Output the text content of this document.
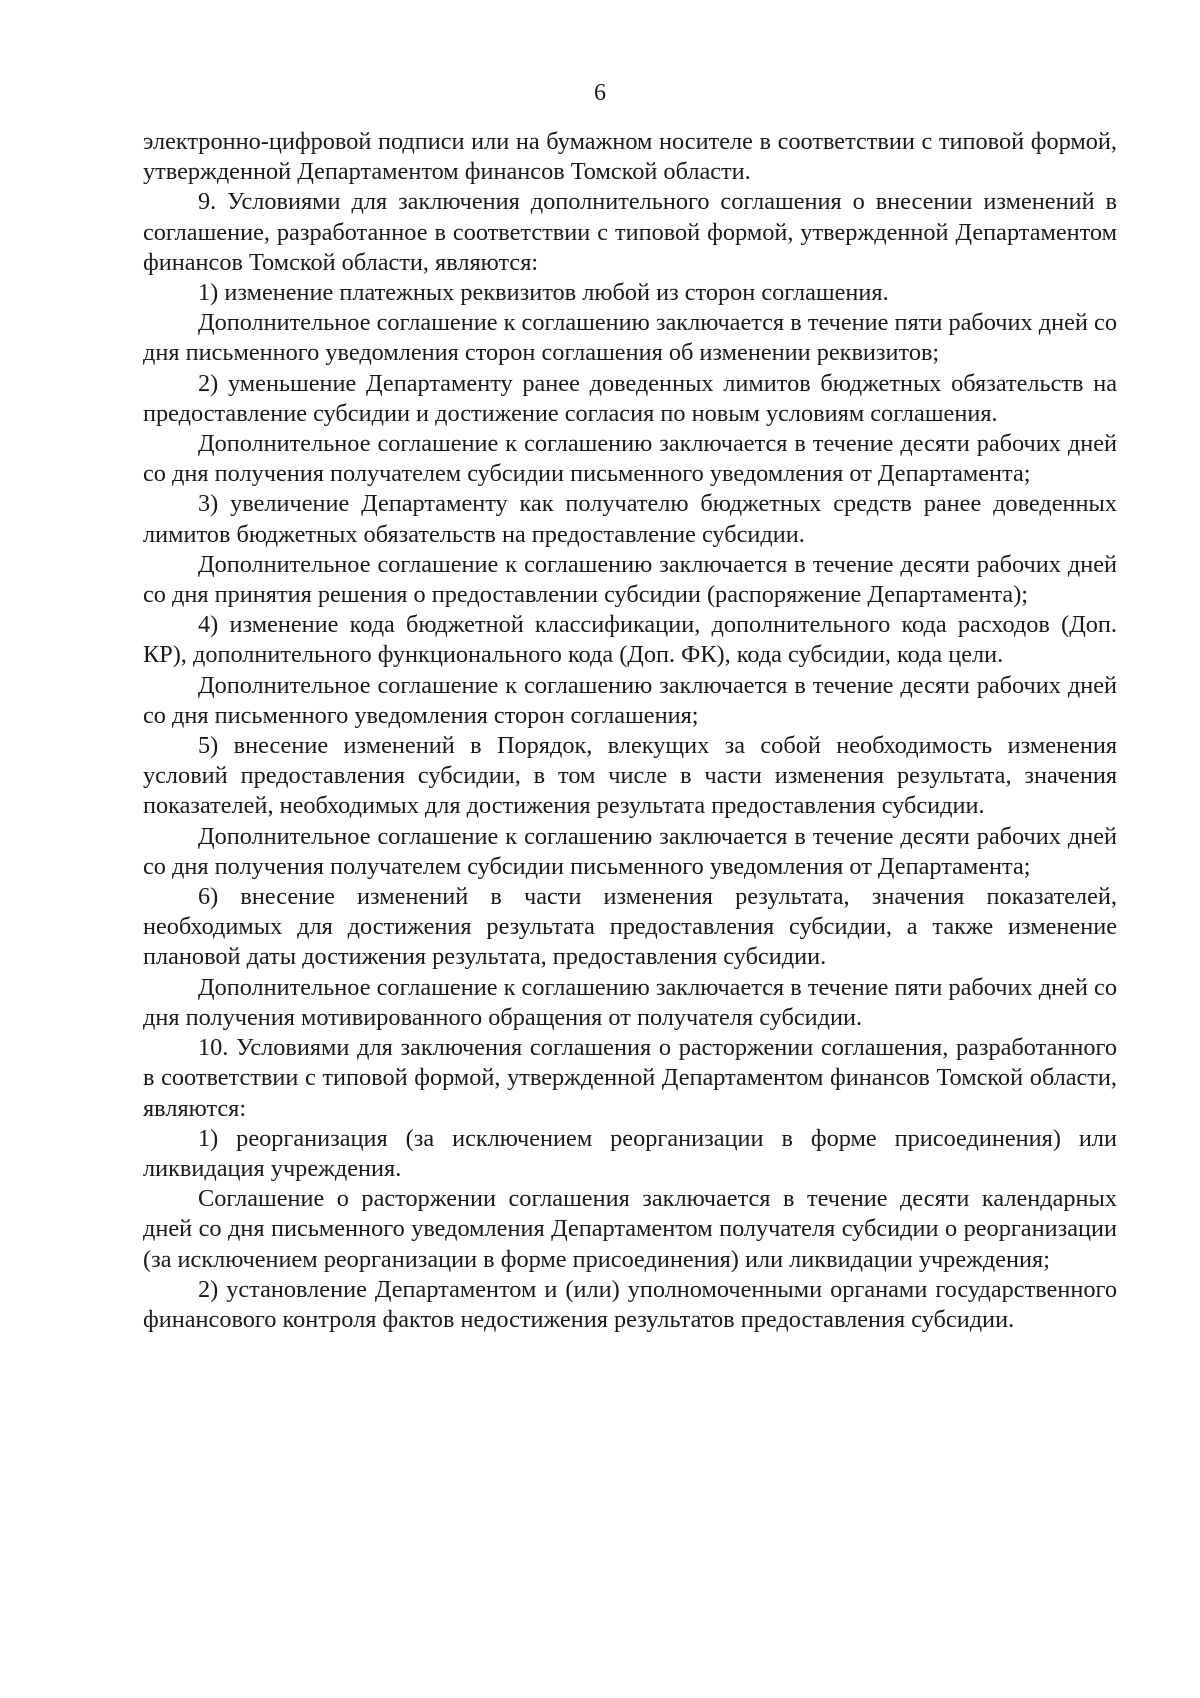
6

электронно-цифровой подписи или на бумажном носителе в соответствии с типовой формой, утвержденной Департаментом финансов Томской области.

9. Условиями для заключения дополнительного соглашения о внесении изменений в соглашение, разработанное в соответствии с типовой формой, утвержденной Департаментом финансов Томской области, являются:

1) изменение платежных реквизитов любой из сторон соглашения.

Дополнительное соглашение к соглашению заключается в течение пяти рабочих дней со дня письменного уведомления сторон соглашения об изменении реквизитов;

2) уменьшение Департаменту ранее доведенных лимитов бюджетных обязательств на предоставление субсидии и достижение согласия по новым условиям соглашения.

Дополнительное соглашение к соглашению заключается в течение десяти рабочих дней со дня получения получателем субсидии письменного уведомления от Департамента;

3) увеличение Департаменту как получателю бюджетных средств ранее доведенных лимитов бюджетных обязательств на предоставление субсидии.

Дополнительное соглашение к соглашению заключается в течение десяти рабочих дней со дня принятия решения о предоставлении субсидии (распоряжение Департамента);

4) изменение кода бюджетной классификации, дополнительного кода расходов (Доп. КР), дополнительного функционального кода (Доп. ФК), кода субсидии, кода цели.

Дополнительное соглашение к соглашению заключается в течение десяти рабочих дней со дня письменного уведомления сторон соглашения;

5) внесение изменений в Порядок, влекущих за собой необходимость изменения условий предоставления субсидии, в том числе в части изменения результата, значения показателей, необходимых для достижения результата предоставления субсидии.

Дополнительное соглашение к соглашению заключается в течение десяти рабочих дней со дня получения получателем субсидии письменного уведомления от Департамента;

6) внесение изменений в части изменения результата, значения показателей, необходимых для достижения результата предоставления субсидии, а также изменение плановой даты достижения результата, предоставления субсидии.

Дополнительное соглашение к соглашению заключается в течение пяти рабочих дней со дня получения мотивированного обращения от получателя субсидии.

10. Условиями для заключения соглашения о расторжении соглашения, разработанного в соответствии с типовой формой, утвержденной Департаментом финансов Томской области, являются:

1) реорганизация (за исключением реорганизации в форме присоединения) или ликвидация учреждения.

Соглашение о расторжении соглашения заключается в течение десяти календарных дней со дня письменного уведомления Департаментом получателя субсидии о реорганизации (за исключением реорганизации в форме присоединения) или ликвидации учреждения;

2) установление Департаментом и (или) уполномоченными органами государственного финансового контроля фактов недостижения результатов предоставления субсидии.
